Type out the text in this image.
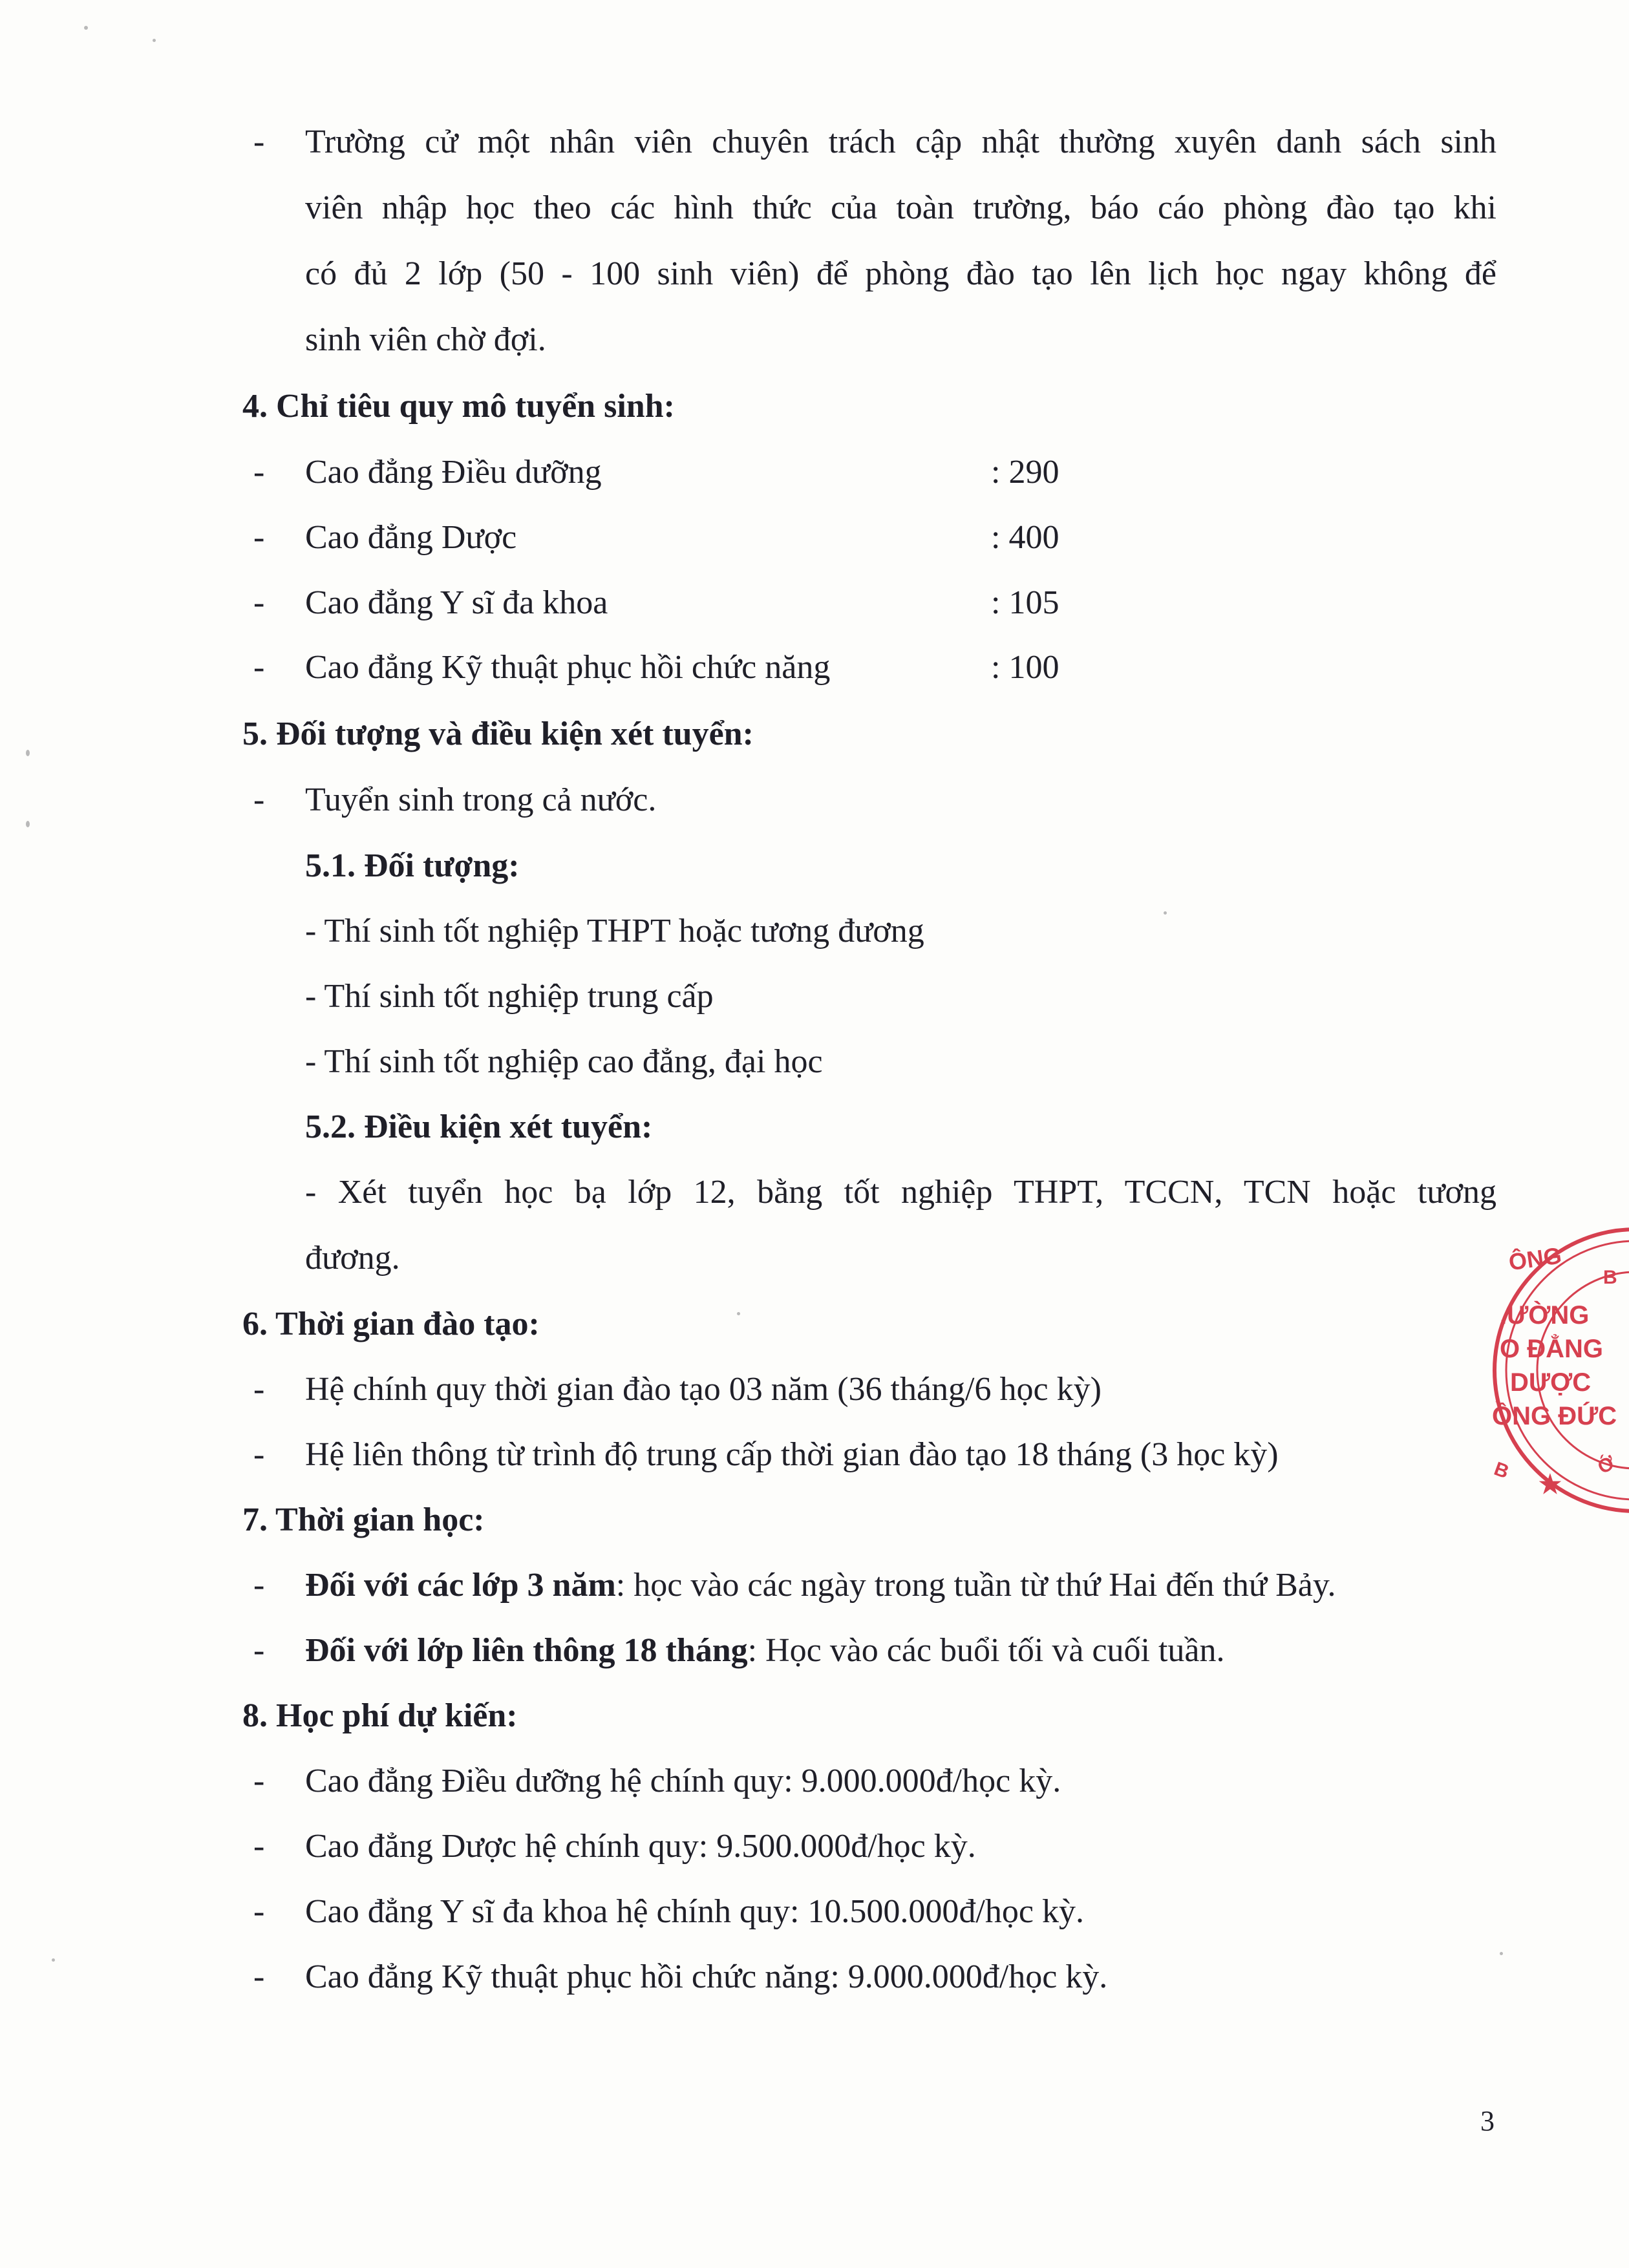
- Trường cử một nhân viên chuyên trách cập nhật thường xuyên danh sách sinh
viên nhập học theo các hình thức của toàn trường, báo cáo phòng đào tạo khi
có đủ 2 lớp (50 - 100 sinh viên) để phòng đào tạo lên lịch học ngay không để
sinh viên chờ đợi.
4. Chỉ tiêu quy mô tuyển sinh:
- Cao đẳng Điều dưỡng	: 290
- Cao đẳng Dược	: 400
- Cao đẳng Y sĩ đa khoa	: 105
- Cao đẳng Kỹ thuật phục hồi chức năng	: 100
5. Đối tượng và điều kiện xét tuyển:
- Tuyển sinh trong cả nước.
5.1. Đối tượng:
- Thí sinh tốt nghiệp THPT hoặc tương đương
- Thí sinh tốt nghiệp trung cấp
- Thí sinh tốt nghiệp cao đẳng, đại học
5.2. Điều kiện xét tuyển:
- Xét tuyển học bạ lớp 12, bằng tốt nghiệp THPT, TCCN, TCN hoặc tương
đương.
6. Thời gian đào tạo:
- Hệ chính quy thời gian đào tạo 03 năm (36 tháng/6 học kỳ)
- Hệ liên thông từ trình độ trung cấp thời gian đào tạo 18 tháng (3 học kỳ)
7. Thời gian học:
- Đối với các lớp 3 năm: học vào các ngày trong tuần từ thứ Hai đến thứ Bảy.
- Đối với lớp liên thông 18 tháng: Học vào các buổi tối và cuối tuần.
8. Học phí dự kiến:
- Cao đẳng Điều dưỡng hệ chính quy: 9.000.000đ/học kỳ.
- Cao đẳng Dược hệ chính quy: 9.500.000đ/học kỳ.
- Cao đẳng Y sĩ đa khoa hệ chính quy: 10.500.000đ/học kỳ.
- Cao đẳng Kỹ thuật phục hồi chức năng: 9.000.000đ/học kỳ.
3
ÔNG
B
.ƯỜNG
O ĐẲNG
DƯỢC
ỒNG ĐỨC
B ★
Ớ
